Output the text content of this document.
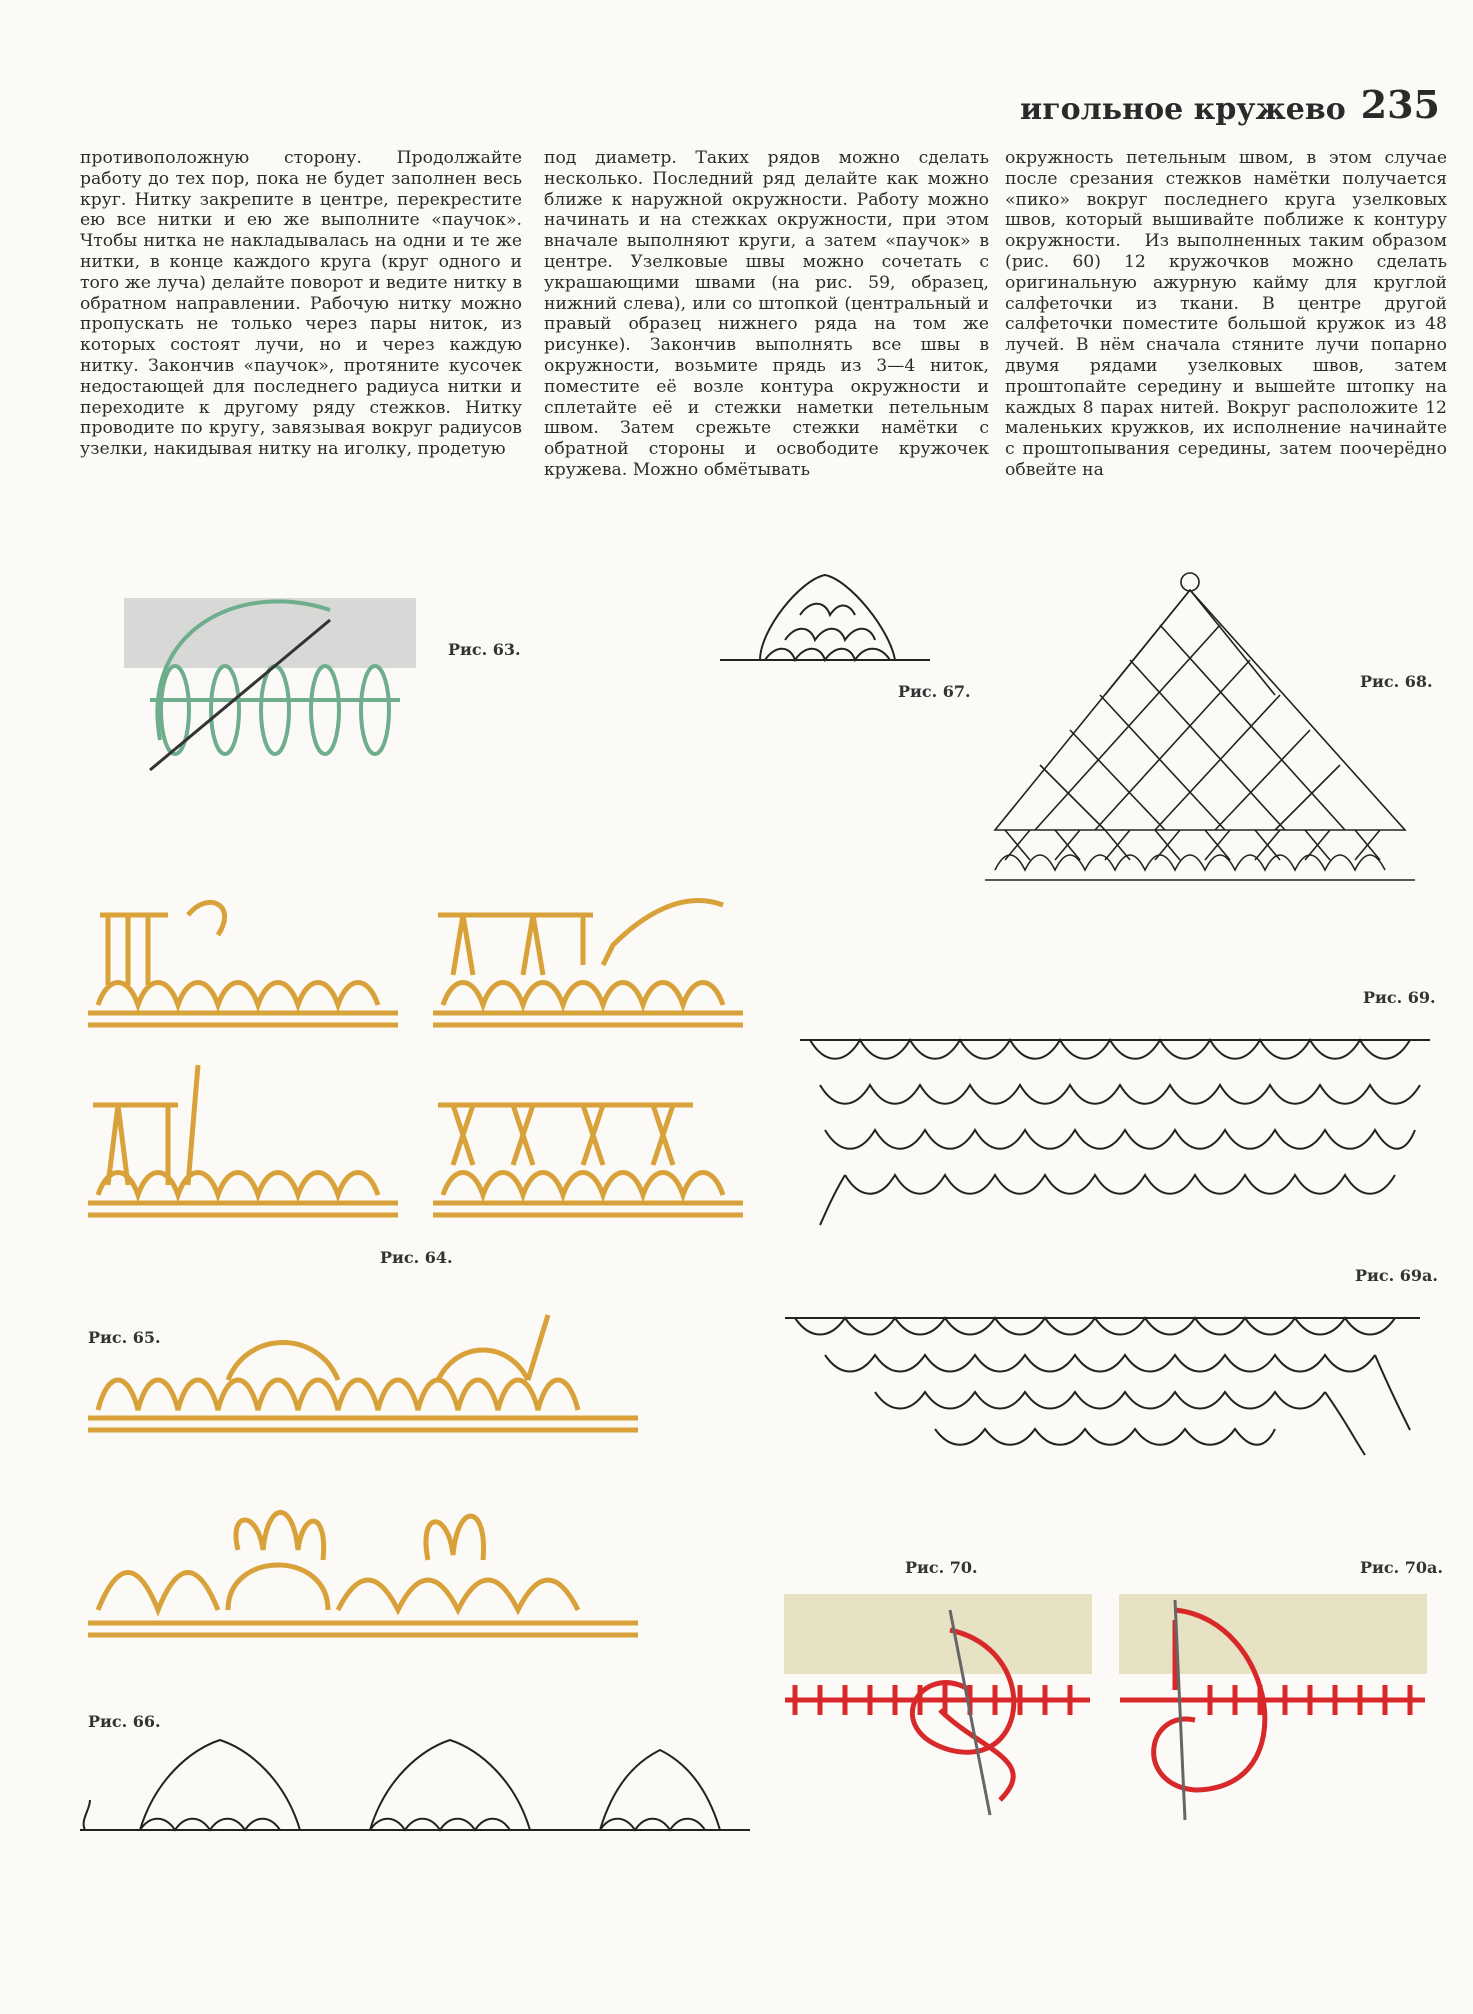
игольное кружево 235
противоположную сторону. Продолжайте работу до тех пор, пока не будет заполнен весь круг. Нитку закрепите в центре, перекрестите ею все нитки и ею же выполните «паучок». Чтобы нитка не накладывалась на одни и те же нитки, в конце каждого круга (круг одного и того же луча) делайте поворот и ведите нитку в обратном направлении. Рабочую нитку можно пропускать не только через пары ниток, из которых состоят лучи, но и через каждую нитку. Закончив «паучок», протяните кусочек недостающей для последнего радиуса нитки и переходите к другому ряду стежков. Нитку проводите по кругу, завязывая вокруг радиусов узелки, накидывая нитку на иголку, продетую
под диаметр. Таких рядов можно сделать несколько. Последний ряд делайте как можно ближе к наружной окружности. Работу можно начинать и на стежках окружности, при этом вначале выполняют круги, а затем «паучок» в центре. Узелковые швы можно сочетать с украшающими швами (на рис. 59, образец, нижний слева), или со штопкой (центральный и правый образец нижнего ряда на том же рисунке). Закончив выполнять все швы в окружности, возьмите прядь из 3—4 ниток, поместите её возле контура окружности и сплетайте её и стежки наметки петельным швом. Затем срежьте стежки намётки с обратной стороны и освободите кружочек кружева. Можно обмётывать
окружность петельным швом, в этом случае после срезания стежков намётки получается «пико» вокруг последнего круга узелковых швов, который вышивайте поближе к контуру окружности.   Из выполненных таким образом (рис. 60) 12 кружочков можно сделать оригинальную ажурную кайму для круглой салфеточки из ткани. В центре другой салфеточки поместите большой кружок из 48 лучей. В нём сначала стяните лучи попарно двумя рядами узелковых швов, затем проштопайте середину и вышейте штопку на каждых 8 парах нитей. Вокруг расположите 12 маленьких кружков, их исполнение начинайте с проштопывания середины, затем поочерёдно обвейте на
Рис. 63.
Рис. 64.
Рис. 65.
Рис. 66.
Рис. 67.
Рис. 68.
Рис. 69.
Рис. 69а.
Рис. 70.	Рис. 70а.
